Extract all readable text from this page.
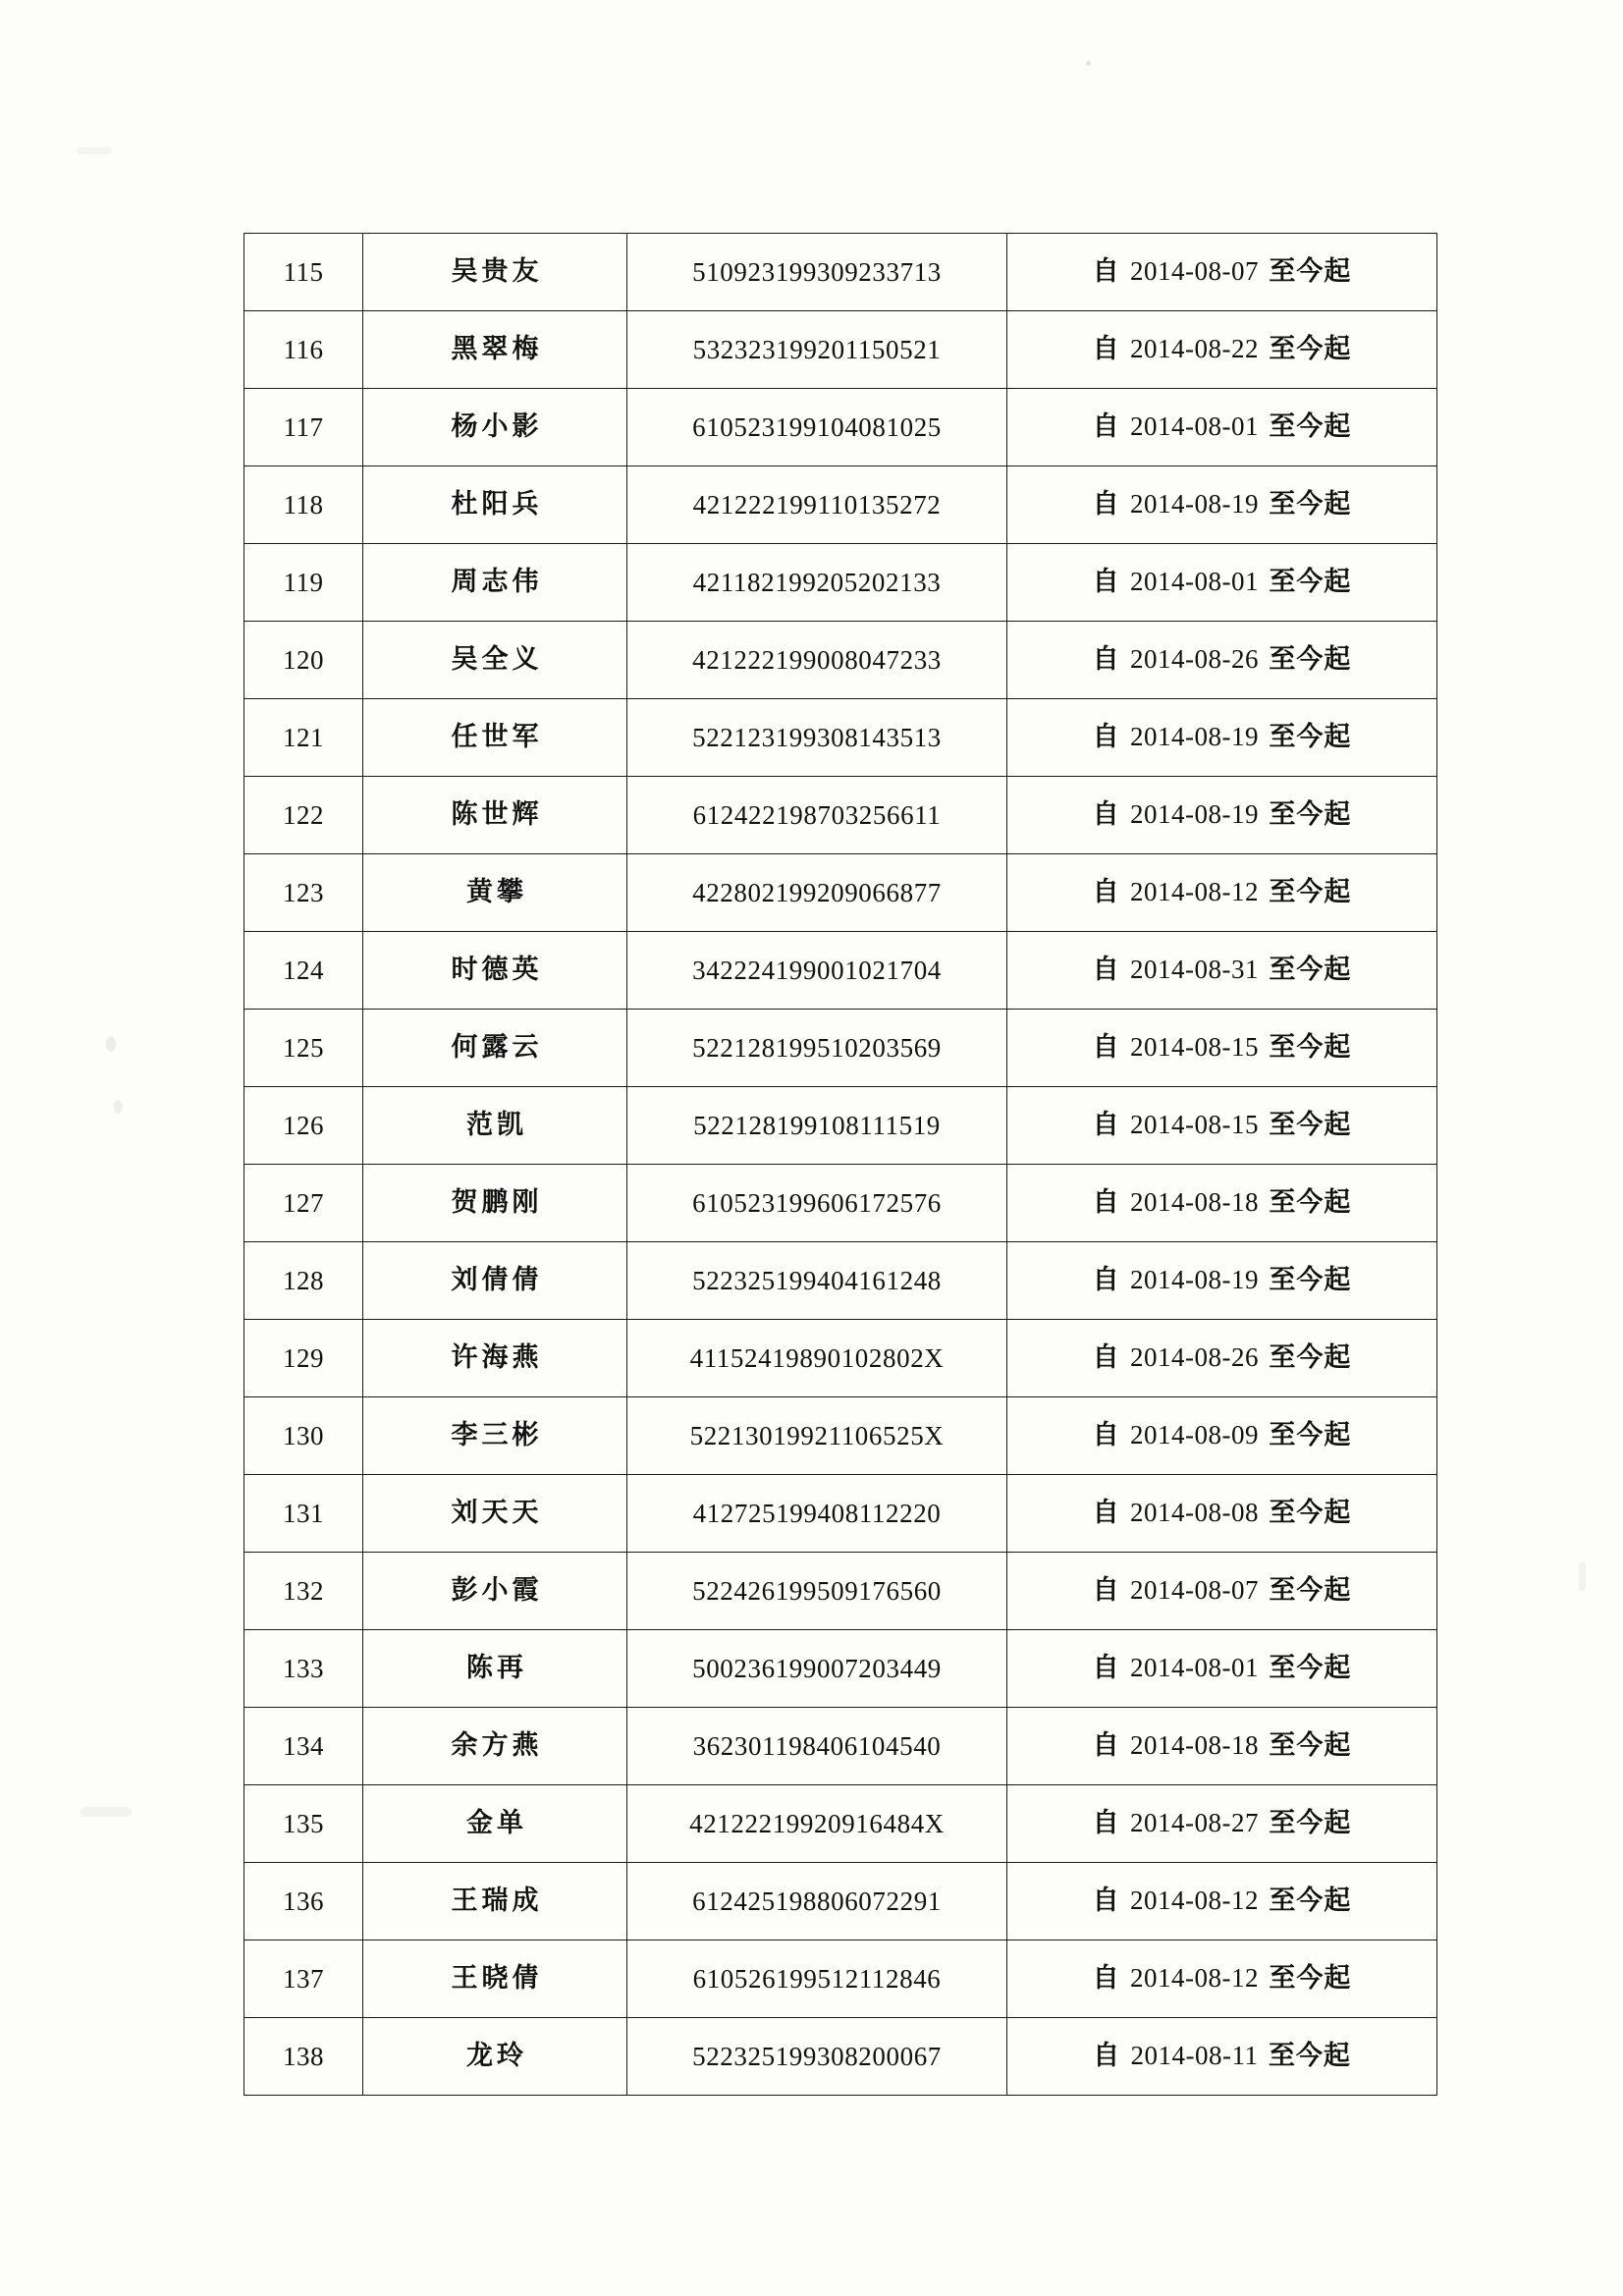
115	吴贵友	510923199309233713	自 2014-08-07 至今起
116	黑翠梅	532323199201150521	自 2014-08-22 至今起
117	杨小影	610523199104081025	自 2014-08-01 至今起
118	杜阳兵	421222199110135272	自 2014-08-19 至今起
119	周志伟	421182199205202133	自 2014-08-01 至今起
120	吴全义	421222199008047233	自 2014-08-26 至今起
121	任世军	522123199308143513	自 2014-08-19 至今起
122	陈世辉	612422198703256611	自 2014-08-19 至今起
123	黄攀	422802199209066877	自 2014-08-12 至今起
124	时德英	342224199001021704	自 2014-08-31 至今起
125	何露云	522128199510203569	自 2014-08-15 至今起
126	范凯	522128199108111519	自 2014-08-15 至今起
127	贺鹏刚	610523199606172576	自 2014-08-18 至今起
128	刘倩倩	522325199404161248	自 2014-08-19 至今起
129	许海燕	41152419890102802X	自 2014-08-26 至今起
130	李三彬	52213019921106525X	自 2014-08-09 至今起
131	刘天天	412725199408112220	自 2014-08-08 至今起
132	彭小霞	522426199509176560	自 2014-08-07 至今起
133	陈再	500236199007203449	自 2014-08-01 至今起
134	余方燕	362301198406104540	自 2014-08-18 至今起
135	金单	42122219920916484X	自 2014-08-27 至今起
136	王瑞成	612425198806072291	自 2014-08-12 至今起
137	王晓倩	610526199512112846	自 2014-08-12 至今起
138	龙玲	522325199308200067	自 2014-08-11 至今起
